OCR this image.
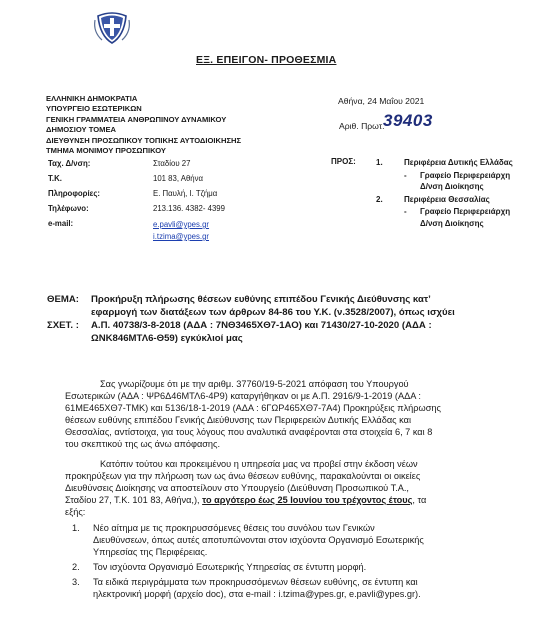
ΕΞ. ΕΠΕΙΓΟΝ- ΠΡΟΘΕΣΜΙΑ
ΕΛΛΗΝΙΚΗ ΔΗΜΟΚΡΑΤΙΑ
ΥΠΟΥΡΓΕΙΟ ΕΣΩΤΕΡΙΚΩΝ
ΓΕΝΙΚΗ ΓΡΑΜΜΑΤΕΙΑ ΑΝΘΡΩΠΙΝΟΥ ΔΥΝΑΜΙΚΟΥ
ΔΗΜΟΣΙΟΥ ΤΟΜΕΑ
ΔΙΕΥΘΥΝΣΗ ΠΡΟΣΩΠΙΚΟΥ ΤΟΠΙΚΗΣ ΑΥΤΟΔΙΟΙΚΗΣΗΣ
ΤΜΗΜΑ ΜΟΝΙΜΟΥ ΠΡΟΣΩΠΙΚΟΥ
Αθήνα, 24 Μαΐου 2021
Αριθ. Πρωτ.
39403
Ταχ. Δ/νση:	Σταδίου 27
Τ.Κ.	101 83, Αθήνα
Πληροφορίες:	Ε. Παυλή, Ι. Τζήμα
Τηλέφωνο:	213.136. 4382- 4399
e-mail:	e.pavli@ypes.gr
i.tzima@ypes.gr
ΠΡΟΣ:	1.	Περιφέρεια Δυτικής Ελλάδας
- Γραφείο Περιφερειάρχη
Δ/νση Διοίκησης
2.	Περιφέρεια Θεσσαλίας
- Γραφείο Περιφερειάρχη
Δ/νση Διοίκησης
ΘΕΜΑ: Προκήρυξη πλήρωσης θέσεων ευθύνης επιπέδου Γενικής Διεύθυνσης κατ’
εφαρμογή των διατάξεων των άρθρων 84-86 του Υ.Κ. (ν.3528/2007), όπως ισχύει
ΣΧΕΤ. : Α.Π. 40738/3-8-2018 (ΑΔΑ : 7ΝΘ3465ΧΘ7-1ΑΟ) και 71430/27-10-2020 (ΑΔΑ :
ΩΝΚ846ΜΤΛ6-Θ59) εγκύκλιοί μας
Σας γνωρίζουμε ότι με την αριθμ. 37760/19-5-2021 απόφαση του Υπουργού
Εσωτερικών (ΑΔΑ : ΨΡ6Δ46ΜΤΛ6-4Ρ9) καταργήθηκαν οι με Α.Π. 2916/9-1-2019 (ΑΔΑ :
61ΜΕ465ΧΘ7-ΤΜΚ) και 5136/18-1-2019 (ΑΔΑ : 6ΓΩΡ465ΧΘ7-7Α4) Προκηρύξεις πλήρωσης
θέσεων ευθύνης επιπέδου Γενικής Διεύθυνσης των Περιφερειών Δυτικής Ελλάδας και
Θεσσαλίας, αντίστοιχα, για τους λόγους που αναλυτικά αναφέρονται στα στοιχεία 6, 7 και 8
του σκεπτικού της ως άνω απόφασης.
Κατόπιν τούτου και προκειμένου η υπηρεσία μας να προβεί στην έκδοση νέων
προκηρύξεων για την πλήρωση των ως άνω θέσεων ευθύνης, παρακαλούνται οι οικείες
Διευθύνσεις Διοίκησης να αποστείλουν στο Υπουργείο (Διεύθυνση Προσωπικού Τ.Α.,
Σταδίου 27, Τ.Κ. 101 83, Αθήνα,), το αργότερο έως 25 Ιουνίου του τρέχοντος έτους, τα
εξής:
1. Νέο αίτημα με τις προκηρυσσόμενες θέσεις του συνόλου των Γενικών
Διευθύνσεων, όπως αυτές αποτυπώνονται στον ισχύοντα Οργανισμό Εσωτερικής
Υπηρεσίας της Περιφέρειας.
2. Τον ισχύοντα Οργανισμό Εσωτερικής Υπηρεσίας σε έντυπη μορφή.
3. Τα ειδικά περιγράμματα των προκηρυσσόμενων θέσεων ευθύνης, σε έντυπη και
ηλεκτρονική μορφή (αρχείο doc), στα e-mail : i.tzima@ypes.gr, e.pavli@ypes.gr).
